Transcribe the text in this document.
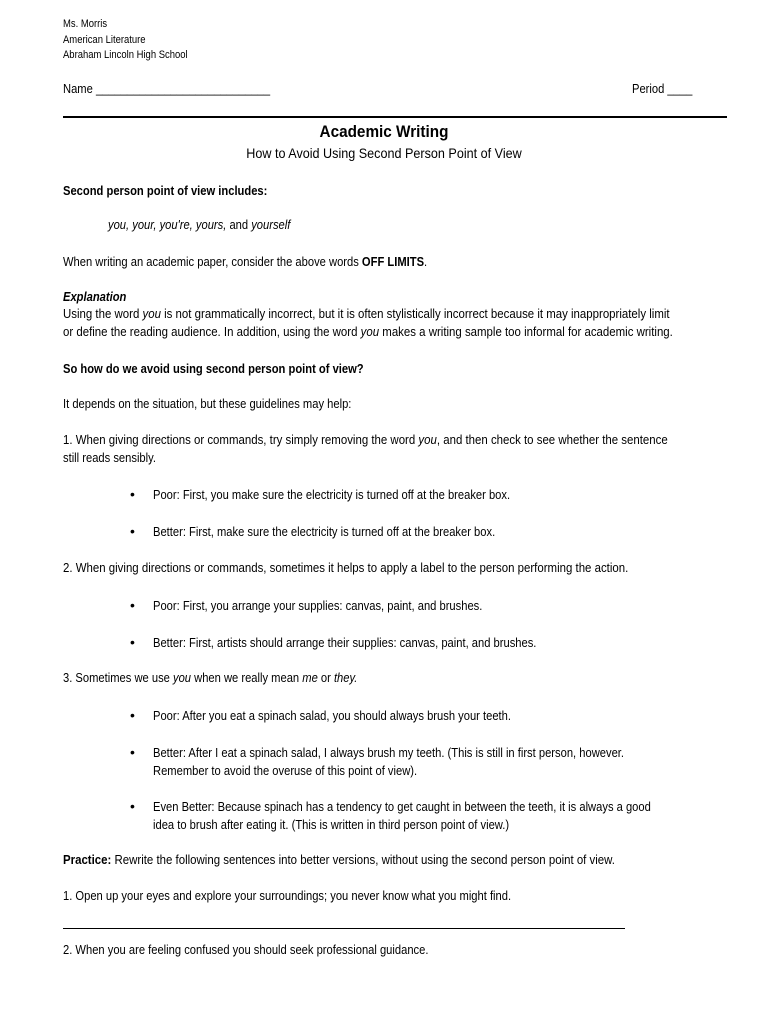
Ms. Morris
American Literature
Abraham Lincoln High School
Name ____________________________	Period ____
Academic Writing
How to Avoid Using Second Person Point of View
Second person point of view includes:
you, your, you're, yours, and yourself
When writing an academic paper, consider the above words OFF LIMITS.
Explanation
Using the word you is not grammatically incorrect, but it is often stylistically incorrect because it may inappropriately limit
or define the reading audience. In addition, using the word you makes a writing sample too informal for academic writing.
So how do we avoid using second person point of view?
It depends on the situation, but these guidelines may help:
1. When giving directions or commands, try simply removing the word you, and then check to see whether the sentence
still reads sensibly.
• Poor: First, you make sure the electricity is turned off at the breaker box.
• Better: First, make sure the electricity is turned off at the breaker box.
2. When giving directions or commands, sometimes it helps to apply a label to the person performing the action.
• Poor: First, you arrange your supplies: canvas, paint, and brushes.
• Better: First, artists should arrange their supplies: canvas, paint, and brushes.
3. Sometimes we use you when we really mean me or they.
• Poor: After you eat a spinach salad, you should always brush your teeth.
• Better: After I eat a spinach salad, I always brush my teeth. (This is still in first person, however.
Remember to avoid the overuse of this point of view).
• Even Better: Because spinach has a tendency to get caught in between the teeth, it is always a good
idea to brush after eating it. (This is written in third person point of view.)
Practice: Rewrite the following sentences into better versions, without using the second person point of view.
1. Open up your eyes and explore your surroundings; you never know what you might find.
2. When you are feeling confused you should seek professional guidance.
